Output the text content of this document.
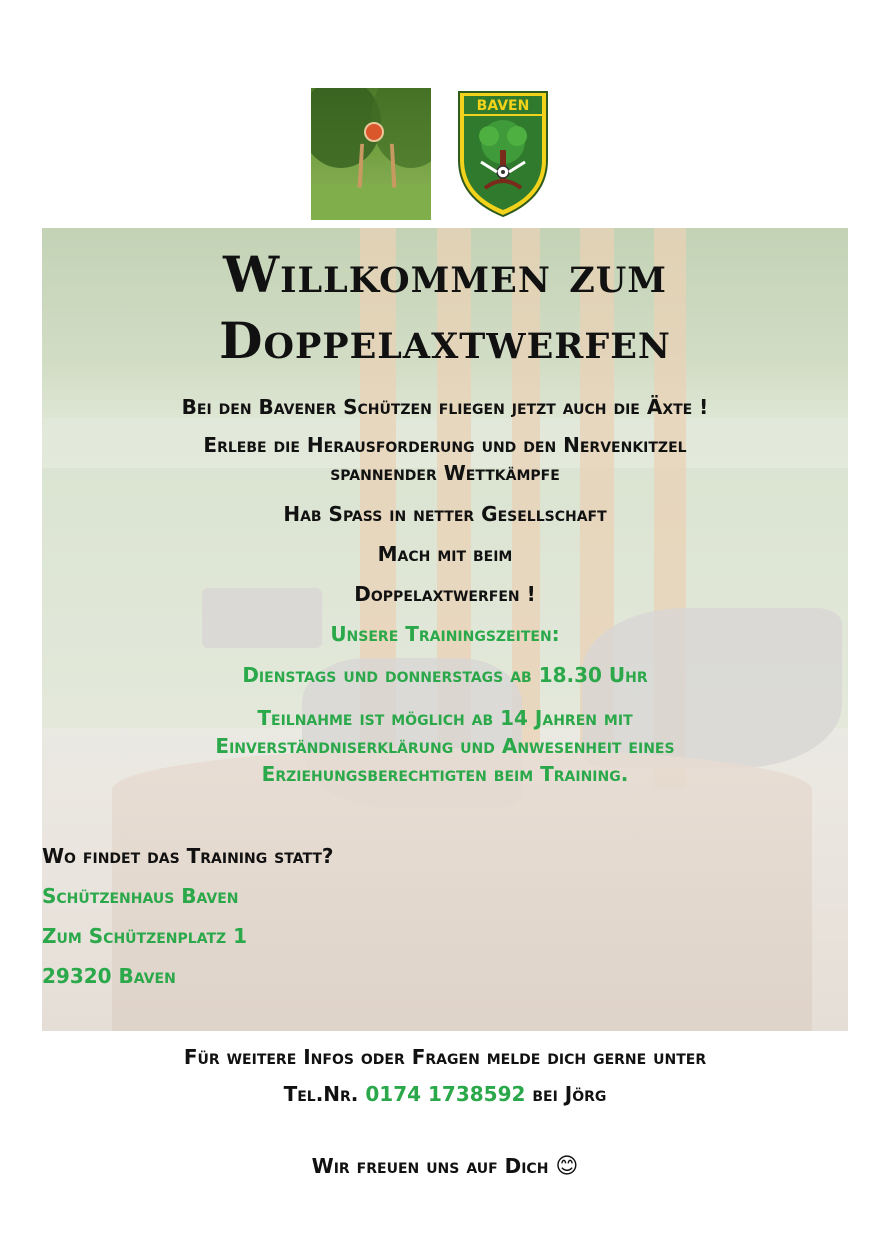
BAVEN
Willkommen zum
Doppelaxtwerfen
Bei den Bavener Schützen fliegen jetzt auch die Äxte !
Erlebe die Herausforderung und den Nervenkitzel
spannender Wettkämpfe
Hab Spass in netter Gesellschaft
Mach mit beim
Doppelaxtwerfen !
Unsere Trainingszeiten:
Dienstags und donnerstags ab 18.30 Uhr
Teilnahme ist möglich ab 14 Jahren mit
Einverständniserklärung und Anwesenheit eines
Erziehungsberechtigten beim Training.
Wo findet das Training statt?
Schützenhaus Baven
Zum Schützenplatz 1
29320 Baven
Für weitere Infos oder Fragen melde dich gerne unter
Tel.Nr. 0174 1738592 bei Jörg
Wir freuen uns auf Dich 😊
